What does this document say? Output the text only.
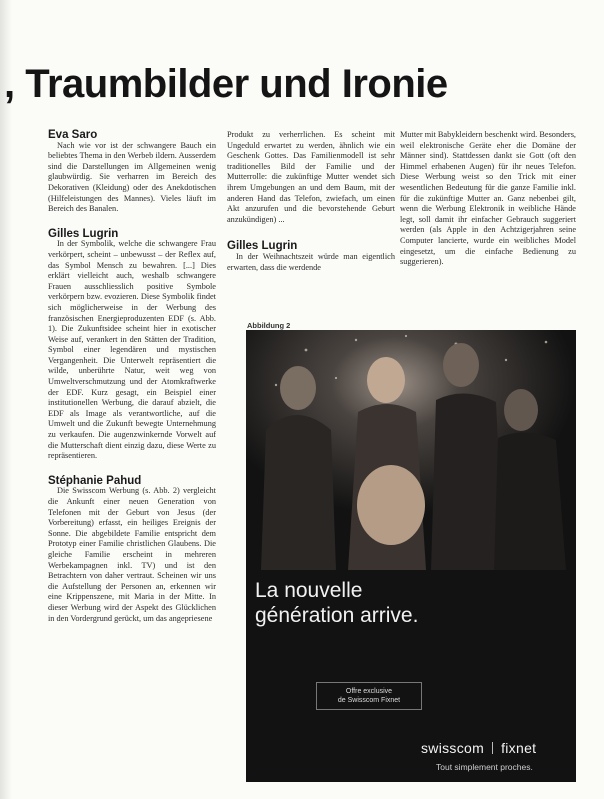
, Traumbilder und Ironie

Eva Saro

Nach wie vor ist der schwangere Bauch ein beliebtes Thema in den Werbeb ildern. Ausserdem sind die Darstellungen im Allgemeinen wenig glaubwürdig. Sie verharren im Bereich des Dekorativen (Kleidung) oder des Anekdotischen (Hilfeleistungen des Mannes). Vieles läuft im Bereich des Banalen.

Gilles Lugrin

In der Symbolik, welche die schwangere Frau verkörpert, scheint – unbewusst – der Reflex auf, das Symbol Mensch zu bewahren. [...] Dies erklärt vielleicht auch, weshalb schwangere Frauen ausschliesslich positive Symbole verkörpern bzw. evozieren. Diese Symbolik findet sich möglicherweise in der Werbung des französischen Energieproduzenten EDF (s. Abb. 1). Die Zukunftsidee scheint hier in exotischer Weise auf, verankert in den Stätten der Tradition, Symbol einer legendären und mystischen Vergangenheit. Die Unterwelt repräsentiert die wilde, unberührte Natur, weit weg von Umweltverschmutzung und der Atomkraftwerke der EDF. Kurz gesagt, ein Beispiel einer institutionellen Werbung, die darauf abzielt, die EDF als Image als verantwortliche, auf die Umwelt und die Zukunft bewegte Unternehmung zu verkaufen. Die augenzwinkernde Vorwelt auf die Mutterschaft dient einzig dazu, diese Werte zu repräsentieren.

Stéphanie Pahud

Die Swisscom Werbung (s. Abb. 2) vergleicht die Ankunft einer neuen Generation von Telefonen mit der Geburt von Jesus (der Vorbereitung) erfasst, ein heiliges Ereignis der Sonne. Die abgebildete Familie entspricht dem Prototyp einer Familie christlichen Glaubens. Die gleiche Familie erscheint in mehreren Werbekampagnen inkl. TV) und ist den Betrachtern von daher vertraut. Scheinen wir uns die Aufstellung der Personen an, erkennen wir eine Krippenszene, mit Maria in der Mitte. In dieser Werbung wird der Aspekt des Glücklichen in den Vordergrund gerückt, um das angepriesene

Produkt zu verherrlichen. Es scheint mit Ungeduld erwartet zu werden, ähnlich wie ein Geschenk Gottes. Das Familienmodell ist sehr traditionelles Bild der Familie und der Mutterrolle: die zukünftige Mutter wendet sich ihrem Umgebungen an und dem Baum, mit der anderen Hand das Telefon, zwiefach, um einen Akt anzurufen und die bevorstehende Geburt anzukündigen) ...

Gilles Lugrin

In der Weihnachtszeit würde man eigentlich erwarten, dass die werdende

Mutter mit Babykleidern beschenkt wird. Besonders, weil elektronische Geräte eher die Domäne der Männer sind). Stattdessen dankt sie Gott (oft den Himmel erhabenen Augen) für ihr neues Telefon. Diese Werbung weist so den Trick mit einer wesentlichen Bedeutung für die ganze Familie inkl. für die zukünftige Mutter an. Ganz nebenbei gilt, wenn die Werbung Elektronik in weibliche Hände legt, soll damit ihr einfacher Gebrauch suggeriert werden (als Apple in den Achtzigerjahren seine Computer lancierte, wurde ein weibliches Model eingesetzt, um die einfache Bedienung zu suggerieren).

Abbildung 2
La nouvelle
génération arrive.
Offre exclusive
de Swisscom Fixnet
swisscom fixnet
Tout simplement proches.
